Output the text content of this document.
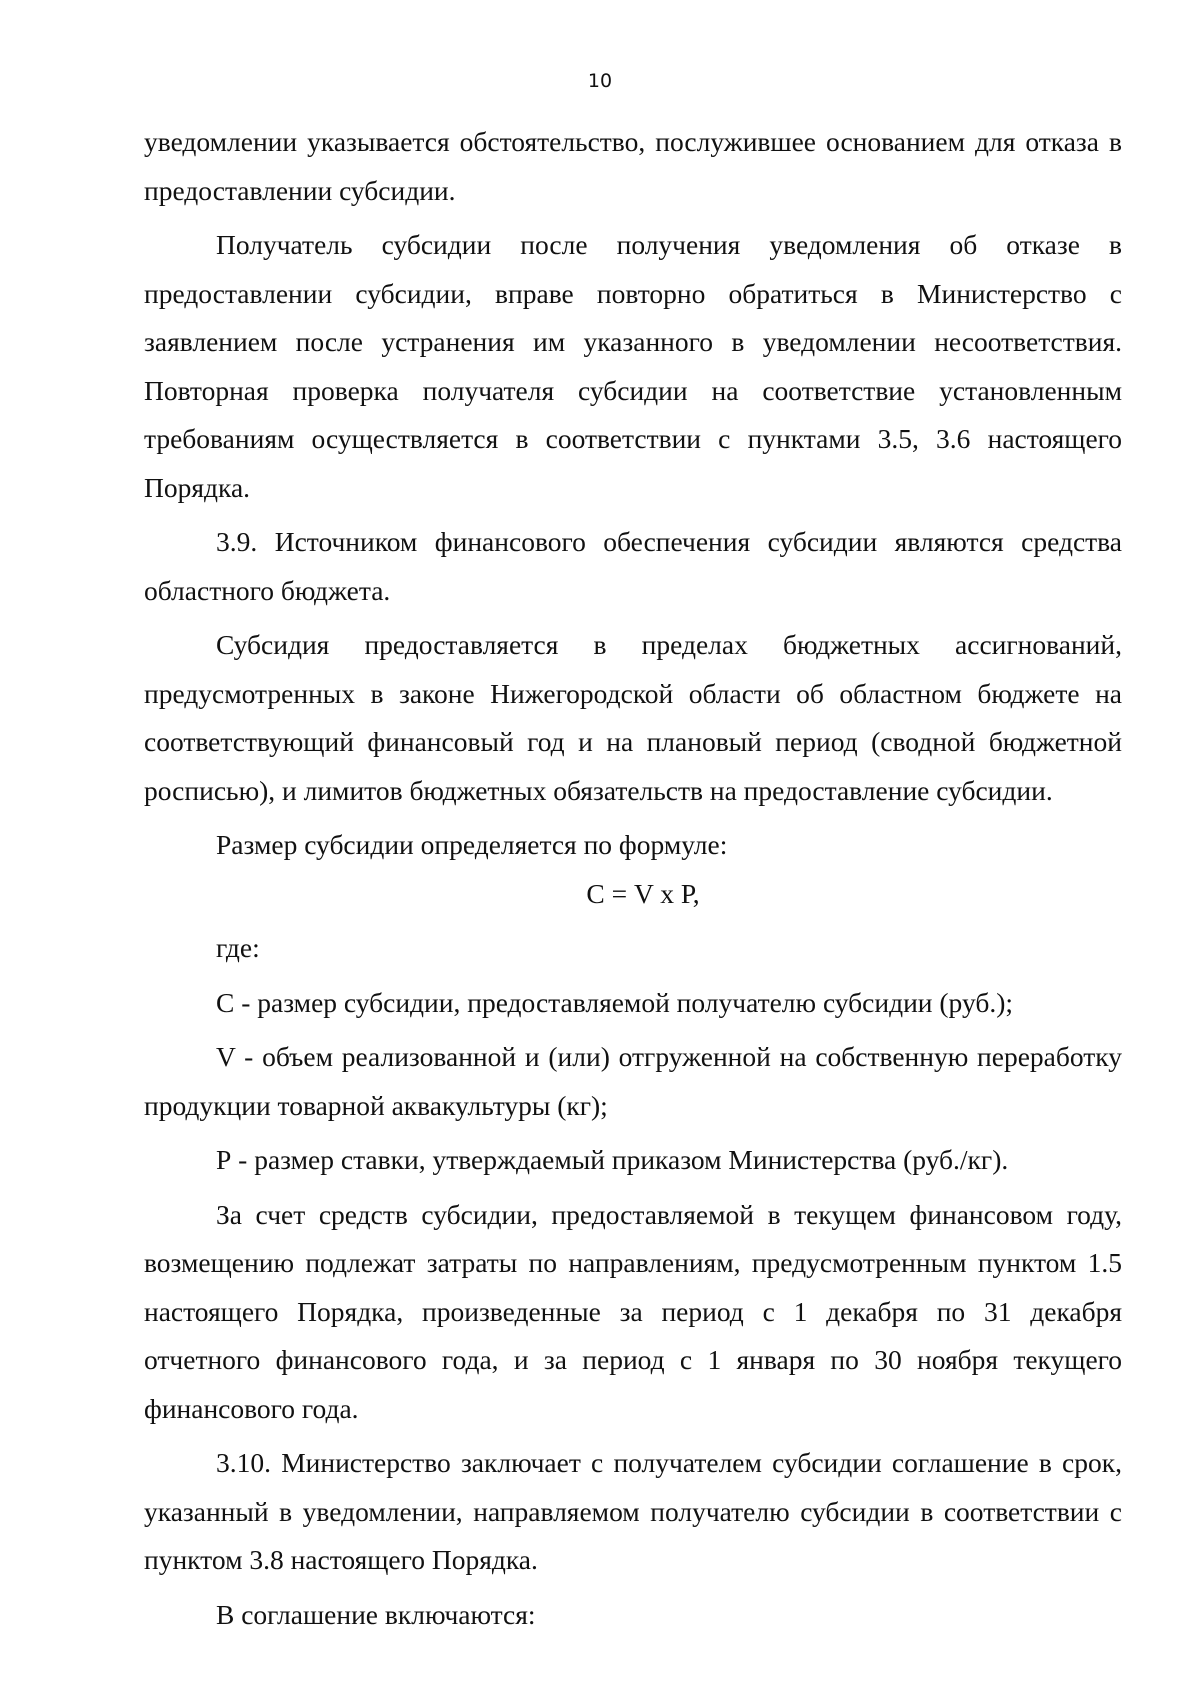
10

уведомлении указывается обстоятельство, послужившее основанием для отказа в предоставлении субсидии.

Получатель субсидии после получения уведомления об отказе в предоставлении субсидии, вправе повторно обратиться в Министерство с заявлением после устранения им указанного в уведомлении несоответствия. Повторная проверка получателя субсидии на соответствие установленным требованиям осуществляется в соответствии с пунктами 3.5, 3.6 настоящего Порядка.

3.9. Источником финансового обеспечения субсидии являются средства областного бюджета.

Субсидия предоставляется в пределах бюджетных ассигнований, предусмотренных в законе Нижегородской области об областном бюджете на соответствующий финансовый год и на плановый период (сводной бюджетной росписью), и лимитов бюджетных обязательств на предоставление субсидии.

Размер субсидии определяется по формуле:

С = V х Р,

где:

С - размер субсидии, предоставляемой получателю субсидии (руб.);

V - объем реализованной и (или) отгруженной на собственную переработку продукции товарной аквакультуры (кг);

Р - размер ставки, утверждаемый приказом Министерства (руб./кг).

За счет средств субсидии, предоставляемой в текущем финансовом году, возмещению подлежат затраты по направлениям, предусмотренным пунктом 1.5 настоящего Порядка, произведенные за период с 1 декабря по 31 декабря отчетного финансового года, и за период с 1 января по 30 ноября текущего финансового года.

3.10. Министерство заключает с получателем субсидии соглашение в срок, указанный в уведомлении, направляемом получателю субсидии в соответствии с пунктом 3.8 настоящего Порядка.

В соглашение включаются:
